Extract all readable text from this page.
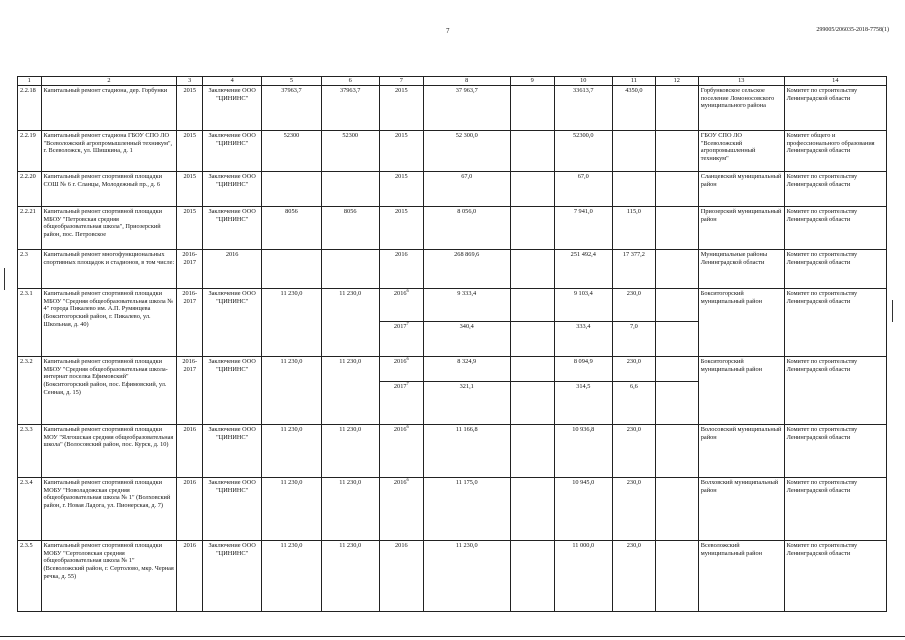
7	299005/206035-2018-7758(1)
1	2	3	4	5	6	7	8	9	10	11	12	13	14
2.2.18	Капитальный ремонт стадиона, дер. Горбунки	2015	Заключение ООО "ЦИНИНС"	37963,7	37963,7	2015	37 963,7		33613,7	4350,0		Горбунковское сельское поселение Ломоносовского муниципального района	Комитет по строительству Ленинградской области
2.2.19	Капитальный ремонт стадиона ГБОУ СПО ЛО "Всеволожский агропромышленный техникум", г. Всеволожск, ул. Шишкина, д. 1	2015	Заключение ООО "ЦИНИНС"	52300	52300	2015	52 300,0		52300,0			ГБОУ СПО ЛО "Всеволожский агропромышленный техникум"	Комитет общего и профессионального образования Ленинградской области
2.2.20	Капитальный ремонт спортивной площадки СОШ № 6 г. Сланцы, Молодежный пр., д. 6	2015	Заключение ООО "ЦИНИНС"			2015	67,0		67,0			Сланцевский муниципальный район	Комитет по строительству Ленинградской области
2.2.21	Капитальный ремонт спортивной площадки МБОУ "Петровская средняя общеобразовательная школа", Приозерский район, пос. Петровское	2015	Заключение ООО "ЦИНИНС"	8056	8056	2015	8 056,0		7 941,0	115,0		Приозерский муниципальный район	Комитет по строительству Ленинградской области
2.3	Капитальный ремонт многофункциональных спортивных площадок и стадионов, в том числе:	2016-2017	2016			2016	268 869,6		251 492,4	17 377,2		Муниципальные районы Ленинградской области	Комитет по строительству Ленинградской области
2.3.1	Капитальный ремонт спортивной площадки МБОУ "Средняя общеобразовательная школа № 4" города Пикалево им. А.П. Румянцева (Бокситогорский район, г. Пикалево, ул. Школьная, д. 40)	2016-2017	Заключение ООО "ЦИНИНС"	11 230,0	11 230,0	2016$^6$	9 333,4		9 103,4	230,0		Бокситогорский муниципальный район	Комитет по строительству Ленинградской области
						2017$^7$	340,4		333,4	7,0			
2.3.2	Капитальный ремонт спортивной площадки МБОУ "Средняя общеобразовательная школа-интернат поселка Ефимовский" (Бокситогорский район, пос. Ефимовский, ул. Сенная, д. 15)	2016-2017	Заключение ООО "ЦИНИНС"	11 230,0	11 230,0	2016$^6$	8 324,9		8 094,9	230,0		Бокситогорский муниципальный район	Комитет по строительству Ленинградской области
						2017$^7$	321,1		314,5	6,6			
2.3.3	Капитальный ремонт спортивной площадки МОУ "Ялгошская средняя общеобразовательная школа" (Волосовский район, пос. Курск, д. 10)	2016	Заключение ООО "ЦИНИНС"	11 230,0	11 230,0	2016$^6$	11 166,8		10 936,8	230,0		Волосовский муниципальный район	Комитет по строительству Ленинградской области
2.3.4	Капитальный ремонт спортивной площадки МОБУ "Новоладожская средняя общеобразовательная школа № 1" (Волховский район, г. Новая Ладога, ул. Пионерская, д. 7)	2016	Заключение ООО "ЦИНИНС"	11 230,0	11 230,0	2016$^6$	11 175,0		10 945,0	230,0		Волховский муниципальный район	Комитет по строительству Ленинградской области
2.3.5	Капитальный ремонт спортивной площадки МОБУ "Сертоловская средняя общеобразовательная школа № 1" (Всеволожский район, г. Сертолово, мкр. Черная речка, д. 55)	2016	Заключение ООО "ЦИНИНС"	11 230,0	11 230,0	2016	11 230,0		11 000,0	230,0		Всеволожский муниципальный район	Комитет по строительству Ленинградской области
